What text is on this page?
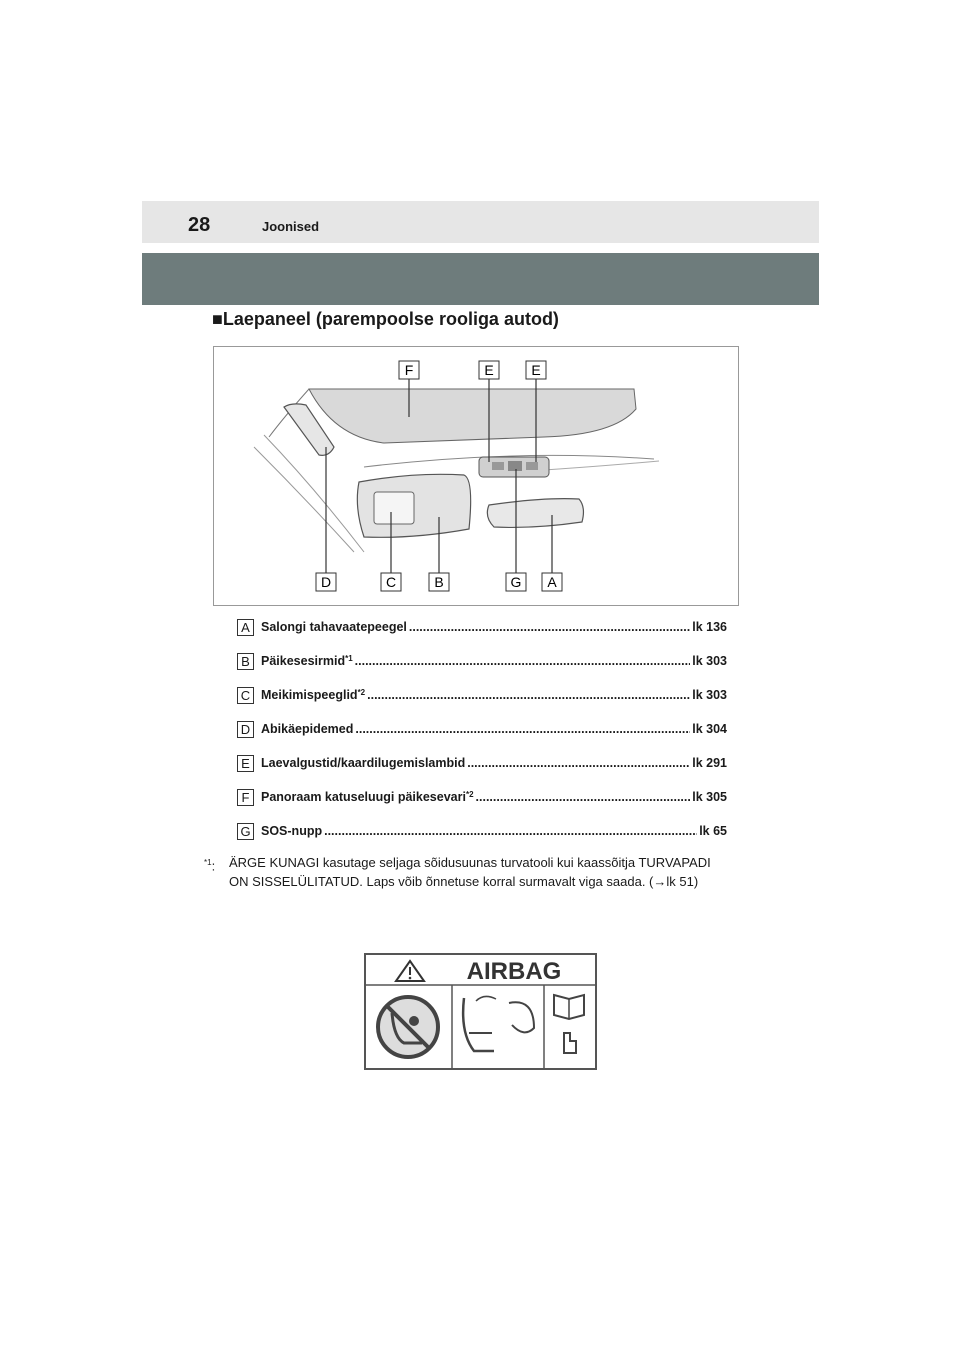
28	Joonised
■Laepaneel (parempoolse rooliga autod)
F	E	E
D	C	B	G A
A Salongi tahavaatepeegel .....	lk 136
B Päikesesirmid$^{*1}$ .....	lk 303
C Meikimispeeglid$^{*2}$ .....	lk 303
D Abikäepidemed .....	lk 304
E Laevalgustid/kaardilugemislambid .....	lk 291
F Panoraam katuseluugi päikesevari$^{*2}$ .....	lk 305
G SOS-nupp .....	lk 65
$^{*1}$:	ÄRGE KUNAGI kasutage seljaga sõidusuunas turvatooli kui kaassõitja TURVAPADI ON SISSELÜLITATUD. Laps võib õnnetuse korral surmavalt viga saada. (→lk 51)
AIRBAG
